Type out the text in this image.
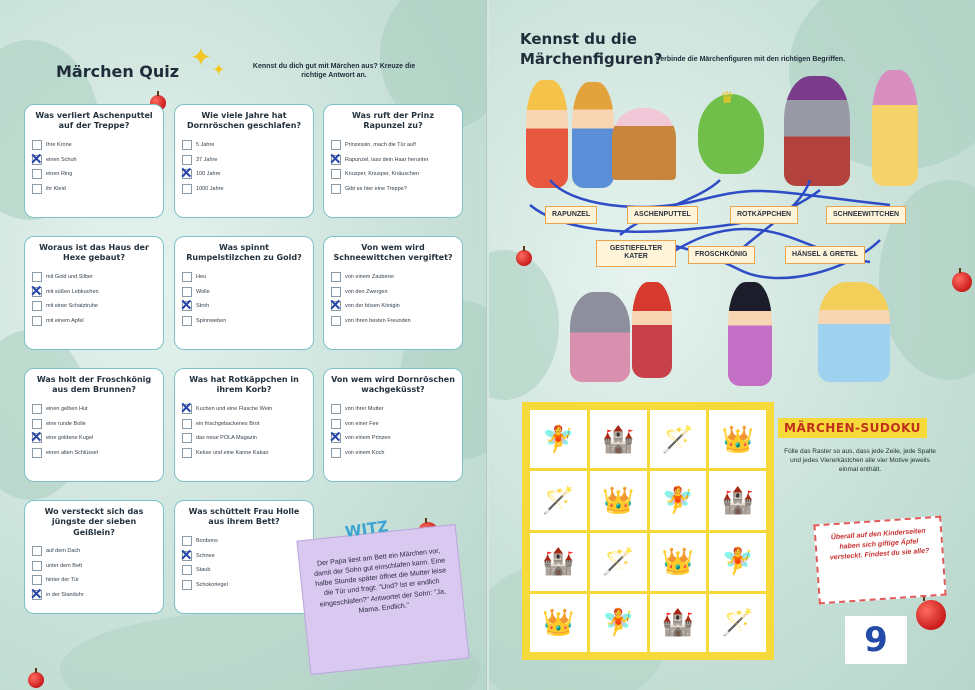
Märchen Quiz ✦ ✦	Kennst du dich gut mit Märchen aus? Kreuze die richtige Antwort an.
Was verliert Aschenputtel auf der Treppe?
Ihre Krone
✕
einen Schuh
einen Ring
ihr Kleid
Wie viele Jahre hat Dornröschen geschlafen?
5 Jahre
37 Jahre
✕
100 Jahre
1000 Jahre
Was ruft der Prinz Rapunzel zu?
Prinzessin, mach die Tür auf!
✕
Rapunzel, lass dein Haar herunter
Knusper, Knusper, Knäuschen
Gibt es hier eine Treppe?
Woraus ist das Haus der Hexe gebaut?
mit Gold und Silber
✕
mit süßen Lebkuchen
mit einer Schatztruhe
mit einem Apfel
Was spinnt Rumpelstilzchen zu Gold?
Heu
Wolle
✕
Stroh
Spinnweben
Von wem wird Schneewittchen vergiftet?
von einem Zauberer
von den Zwergen
✕
von der bösen Königin
von ihren besten Freunden
Was holt der Froschkönig aus dem Brunnen?
einen gelben Hut
eine runde Bolle
✕
eine goldene Kugel
einen alten Schlüssel
Was hat Rotkäppchen in ihrem Korb?
✕
Kuchen und eine Flasche Wein
ein frischgebackenes Brot
das neue POLA Magazin
Kekse und eine Kanne Kakao
Von wem wird Dornröschen wachgeküsst?
von ihrer Mutter
von einer Fee
✕
von einem Prinzen
von einem Koch
Wo versteckt sich das jüngste der sieben Geißlein?
auf dem Dach
unter dem Bett
hinter der Tür
✕
in der Standuhr
Was schüttelt Frau Holle aus ihrem Bett?
Bonbons
✕
Schnee
Staub
Schokoriegel
Der Papa liest am Bett ein Märchen vor, damit der Sohn gut einschlafen kann. Eine halbe Stunde später öffnet die Mutter leise die Tür und fragt: "Und? Ist er endlich eingeschlafen?" Antwortet der Sohn: "Ja, Mama. Endlich."
WITZ
Kennst du die Märchenfiguren?
Verbinde die Märchenfiguren mit den richtigen Begriffen.
♛
RAPUNZEL	ASCHENPUTTEL	ROTKÄPPCHEN	SCHNEEWITTCHEN
GESTIEFELTER KATER	FROSCHKÖNIG	HÄNSEL & GRETEL
🧚	🏰	🪄	👑
🪄	👑	🧚	🏰
🏰	🪄	👑	🧚
👑	🧚	🏰	🪄
MÄRCHEN-SUDOKU
Fülle das Raster so aus, dass jede Zeile, jede Spalte und jedes Viererkästchen alle vier Motive jeweils einmal enthält.
Überall auf den Kinderseiten haben sich giftige Äpfel versteckt. Findest du sie alle?
9
